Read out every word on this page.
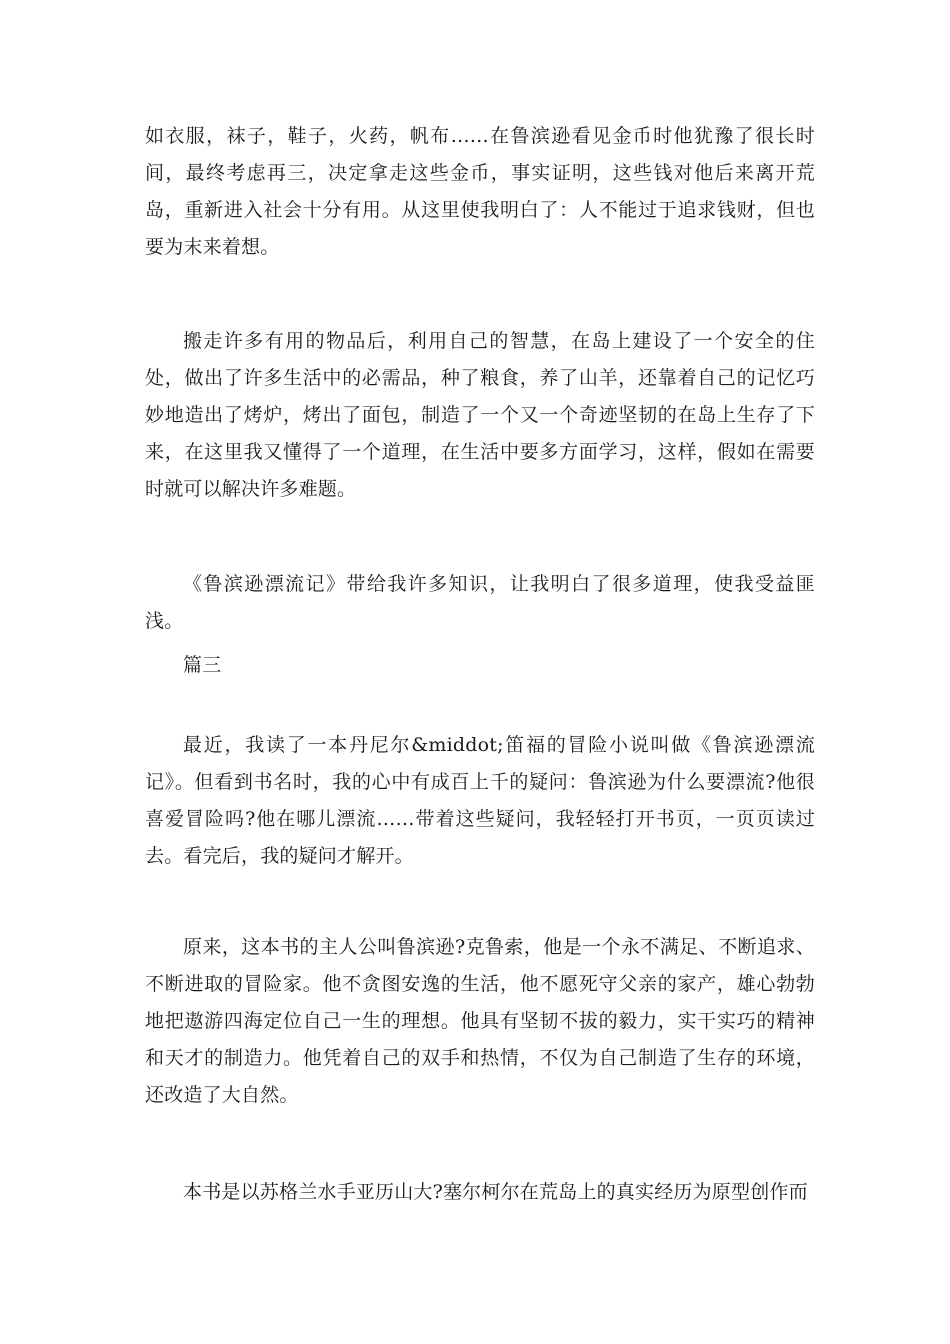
如衣服，袜子，鞋子，火药，帆布……在鲁滨逊看见金币时他犹豫了很长时间，最终考虑再三，决定拿走这些金币，事实证明，这些钱对他后来离开荒岛，重新进入社会十分有用。从这里使我明白了：人不能过于追求钱财，但也要为末来着想。

搬走许多有用的物品后，利用自己的智慧，在岛上建设了一个安全的住处，做出了许多生活中的必需品，种了粮食，养了山羊，还靠着自己的记忆巧妙地造出了烤炉，烤出了面包，制造了一个又一个奇迹坚韧的在岛上生存了下来，在这里我又懂得了一个道理，在生活中要多方面学习，这样，假如在需要时就可以解决许多难题。

《鲁滨逊漂流记》带给我许多知识，让我明白了很多道理，使我受益匪浅。

篇三

最近，我读了一本丹尼尔&middot;笛福的冒险小说叫做《鲁滨逊漂流记》。但看到书名时，我的心中有成百上千的疑问：鲁滨逊为什么要漂流?他很喜爱冒险吗?他在哪儿漂流……带着这些疑问，我轻轻打开书页，一页页读过去。看完后，我的疑问才解开。

原来，这本书的主人公叫鲁滨逊?克鲁索，他是一个永不满足、不断追求、不断进取的冒险家。他不贪图安逸的生活，他不愿死守父亲的家产，雄心勃勃地把遨游四海定位自己一生的理想。他具有坚韧不拔的毅力，实干实巧的精神和天才的制造力。他凭着自己的双手和热情，不仅为自己制造了生存的环境，还改造了大自然。

本书是以苏格兰水手亚历山大?塞尔柯尔在荒岛上的真实经历为原型创作而
